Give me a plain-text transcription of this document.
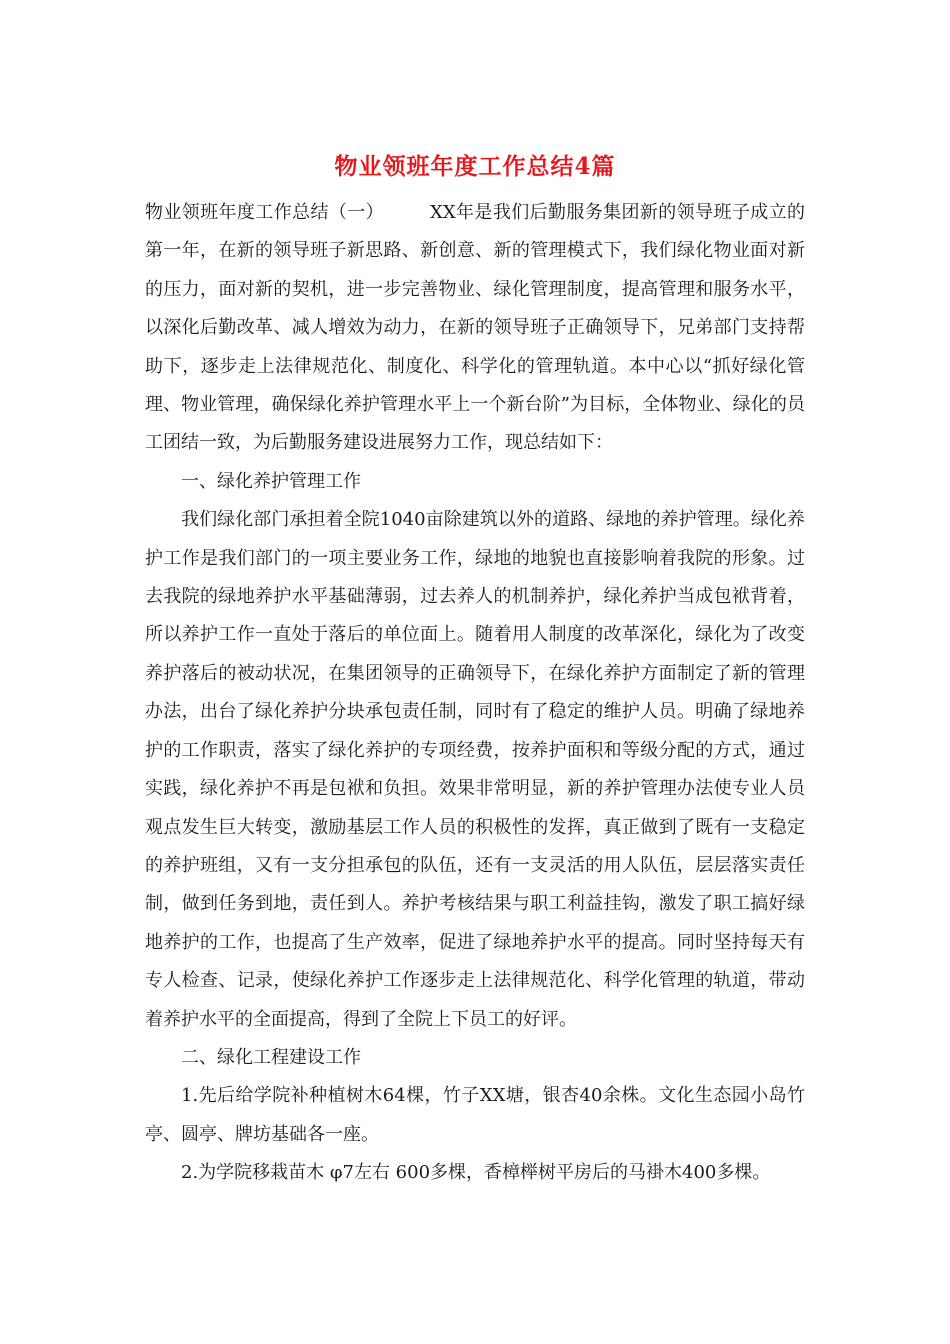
物业领班年度工作总结4篇

物业领班年度工作总结（一）	XX年是我们后勤服务集团新的领导班子成立的第一年，在新的领导班子新思路、新创意、新的管理模式下，我们绿化物业面对新的压力，面对新的契机，进一步完善物业、绿化管理制度，提高管理和服务水平，以深化后勤改革、减人增效为动力，在新的领导班子正确领导下，兄弟部门支持帮助下，逐步走上法律规范化、制度化、科学化的管理轨道。本中心以“抓好绿化管理、物业管理，确保绿化养护管理水平上一个新台阶”为目标，全体物业、绿化的员工团结一致，为后勤服务建设进展努力工作，现总结如下：

一、绿化养护管理工作

我们绿化部门承担着全院1040亩除建筑以外的道路、绿地的养护管理。绿化养护工作是我们部门的一项主要业务工作，绿地的地貌也直接影响着我院的形象。过去我院的绿地养护水平基础薄弱，过去养人的机制养护，绿化养护当成包袱背着，所以养护工作一直处于落后的单位面上。随着用人制度的改革深化，绿化为了改变养护落后的被动状况，在集团领导的正确领导下，在绿化养护方面制定了新的管理办法，出台了绿化养护分块承包责任制，同时有了稳定的维护人员。明确了绿地养护的工作职责，落实了绿化养护的专项经费，按养护面积和等级分配的方式，通过实践，绿化养护不再是包袱和负担。效果非常明显，新的养护管理办法使专业人员观点发生巨大转变，激励基层工作人员的积极性的发挥，真正做到了既有一支稳定的养护班组，又有一支分担承包的队伍，还有一支灵活的用人队伍，层层落实责任制，做到任务到地，责任到人。养护考核结果与职工利益挂钩，激发了职工搞好绿地养护的工作，也提高了生产效率，促进了绿地养护水平的提高。同时坚持每天有专人检查、记录，使绿化养护工作逐步走上法律规范化、科学化管理的轨道，带动着养护水平的全面提高，得到了全院上下员工的好评。

二、绿化工程建设工作

1.先后给学院补种植树木64棵，竹子XX塘，银杏40余株。文化生态园小岛竹亭、圆亭、牌坊基础各一座。

2.为学院移栽苗木 φ7左右 600多棵，香樟榉树平房后的马褂木400多棵。
